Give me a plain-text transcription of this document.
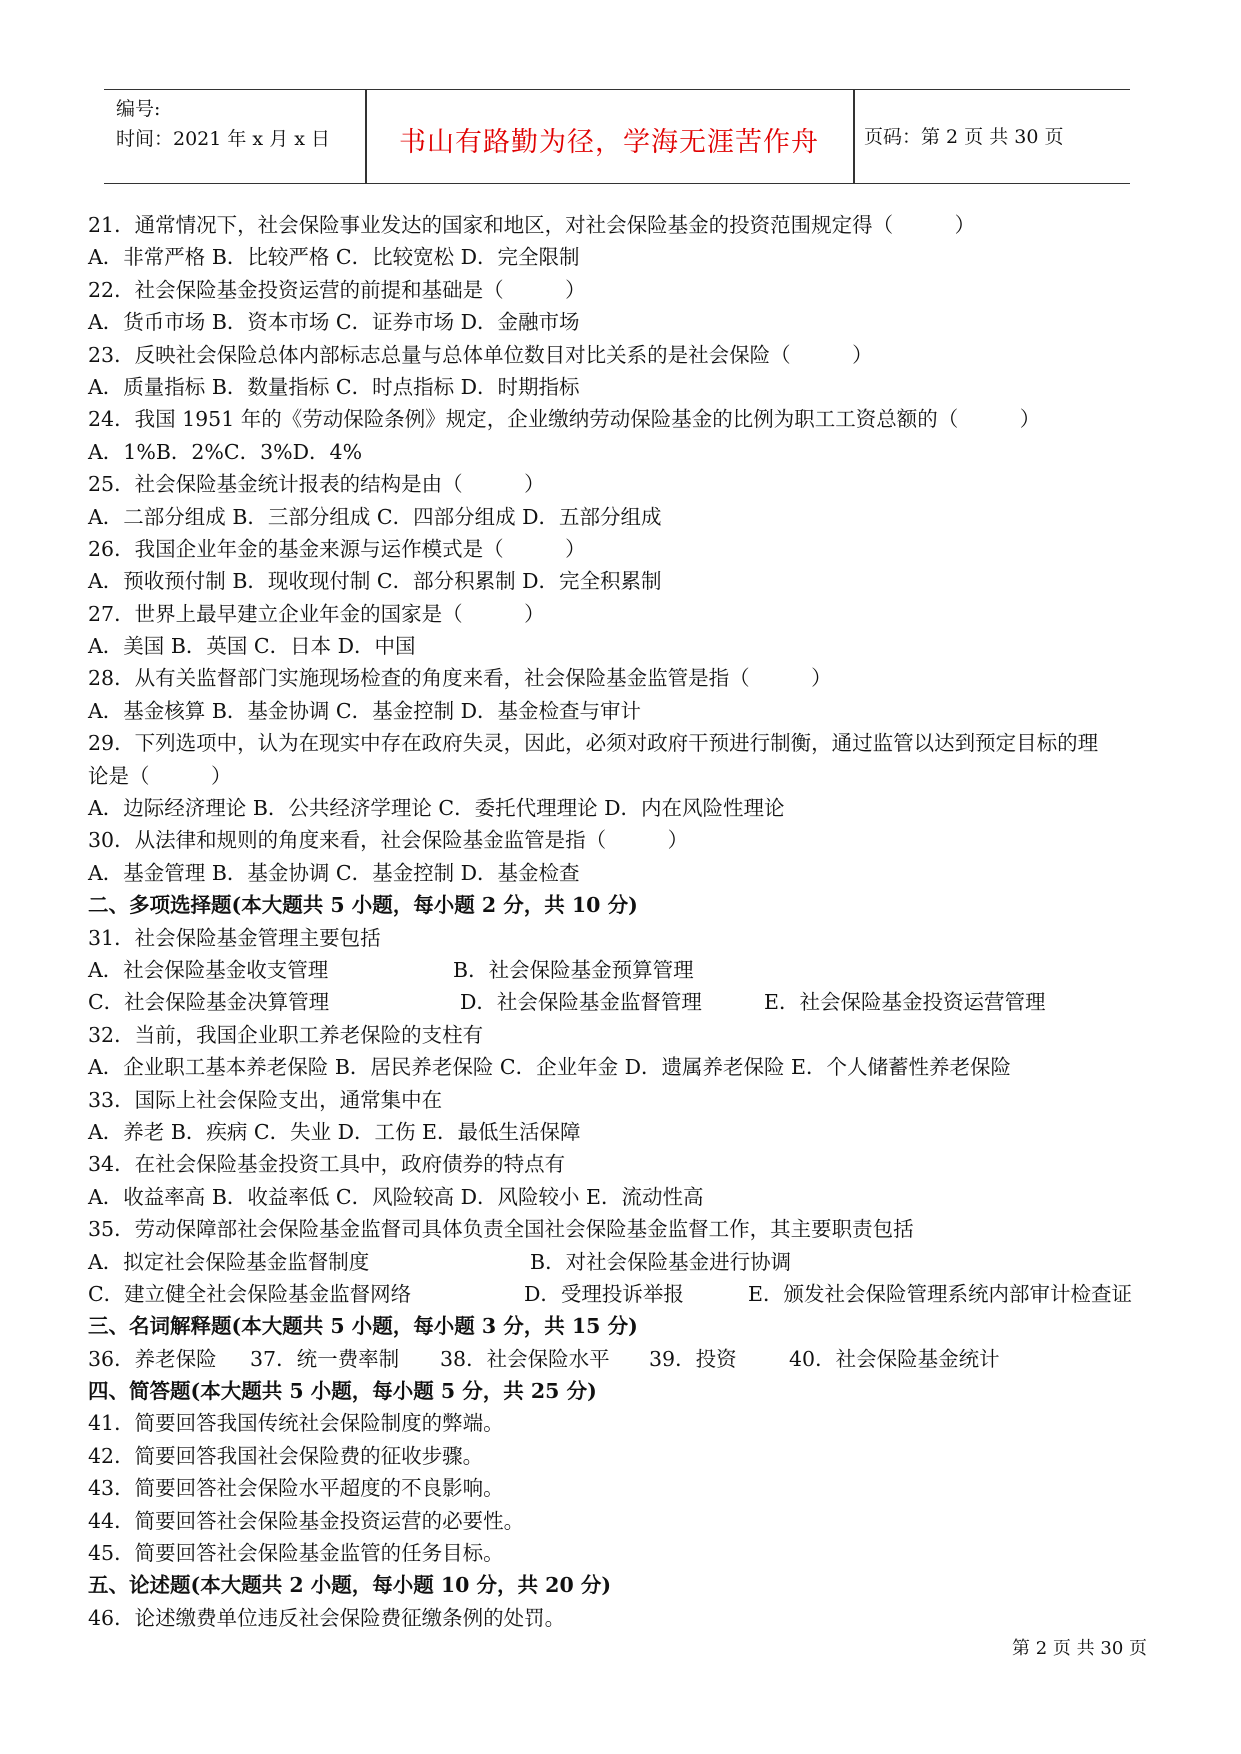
编号:
时间：2021 年 x 月 x 日	书山有路勤为径，学海无涯苦作舟	页码：第 2 页 共 30 页
21．通常情况下，社会保险事业发达的国家和地区，对社会保险基金的投资范围规定得（　　　）
A．非常严格 B．比较严格 C．比较宽松 D．完全限制
22．社会保险基金投资运营的前提和基础是（　　　）
A．货币市场 B．资本市场 C．证券市场 D．金融市场
23．反映社会保险总体内部标志总量与总体单位数目对比关系的是社会保险（　　　）
A．质量指标 B．数量指标 C．时点指标 D．时期指标
24．我国 1951 年的《劳动保险条例》规定，企业缴纳劳动保险基金的比例为职工工资总额的（　　　）
A．1%B．2%C．3%D．4%
25．社会保险基金统计报表的结构是由（　　　）
A．二部分组成 B．三部分组成 C．四部分组成 D．五部分组成
26．我国企业年金的基金来源与运作模式是（　　　）
A．预收预付制 B．现收现付制 C．部分积累制 D．完全积累制
27．世界上最早建立企业年金的国家是（　　　）
A．美国 B．英国 C．日本 D．中国
28．从有关监督部门实施现场检查的角度来看，社会保险基金监管是指（　　　）
A．基金核算 B．基金协调 C．基金控制 D．基金检查与审计
29．下列选项中，认为在现实中存在政府失灵，因此，必须对政府干预进行制衡，通过监管以达到预定目标的理
论是（　　　）
A．边际经济理论 B．公共经济学理论 C．委托代理理论 D．内在风险性理论
30．从法律和规则的角度来看，社会保险基金监管是指（　　　）
A．基金管理 B．基金协调 C．基金控制 D．基金检查
二、多项选择题(本大题共 5 小题，每小题 2 分，共 10 分)
31．社会保险基金管理主要包括

A．社会保险基金收支管理

	B．社会保险基金预算管理

C．社会保险基金决算管理

	D．社会保险基金监督管理

	E．社会保险基金投资运营管理

32．当前，我国企业职工养老保险的支柱有
A．企业职工基本养老保险 B．居民养老保险 C．企业年金 D．遗属养老保险 E．个人储蓄性养老保险
33．国际上社会保险支出，通常集中在
A．养老 B．疾病 C．失业 D．工伤 E．最低生活保障
34．在社会保险基金投资工具中，政府债券的特点有
A．收益率高 B．收益率低 C．风险较高 D．风险较小 E．流动性高
35．劳动保障部社会保险基金监督司具体负责全国社会保险基金监督工作，其主要职责包括

A．拟定社会保险基金监督制度

	B．对社会保险基金进行协调

C．建立健全社会保险基金监督网络

	D．受理投诉举报

	E．颁发社会保险管理系统内部审计检查证

三、名词解释题(本大题共 5 小题，每小题 3 分，共 15 分)

36．养老保险

37．统一费率制

38．社会保险水平

39．投资

	40．社会保险基金统计

四、简答题(本大题共 5 小题，每小题 5 分，共 25 分)
41．简要回答我国传统社会保险制度的弊端。
42．简要回答我国社会保险费的征收步骤。
43．简要回答社会保险水平超度的不良影响。
44．简要回答社会保险基金投资运营的必要性。
45．简要回答社会保险基金监管的任务目标。
五、论述题(本大题共 2 小题，每小题 10 分，共 20 分)
46．论述缴费单位违反社会保险费征缴条例的处罚。
第 2 页 共 30 页
